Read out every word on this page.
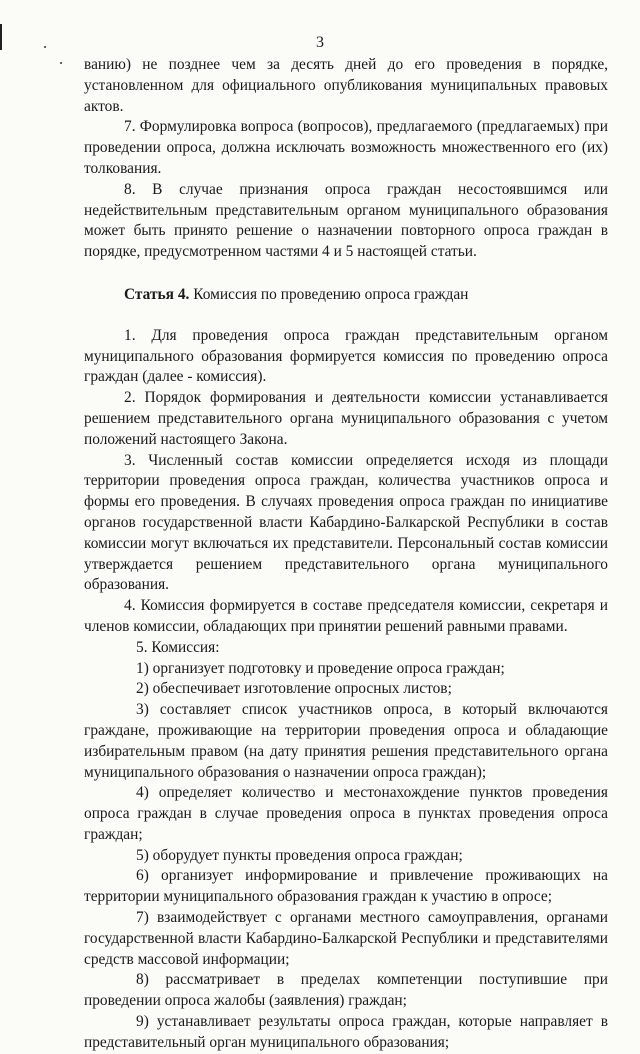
3

ванию) не позднее чем за десять дней до его проведения в порядке, установленном для официального опубликования муниципальных правовых актов.

7. Формулировка вопроса (вопросов), предлагаемого (предлагаемых) при проведении опроса, должна исключать возможность множественного его (их) толкования.

8. В случае признания опроса граждан несостоявшимся или недействительным представительным органом муниципального образования может быть принято решение о назначении повторного опроса граждан в порядке, предусмотренном частями 4 и 5 настоящей статьи.

Статья 4. Комиссия по проведению опроса граждан

1. Для проведения опроса граждан представительным органом муниципального образования формируется комиссия по проведению опроса граждан (далее - комиссия).

2. Порядок формирования и деятельности комиссии устанавливается решением представительного органа муниципального образования с учетом положений настоящего Закона.

3. Численный состав комиссии определяется исходя из площади территории проведения опроса граждан, количества участников опроса и формы его проведения. В случаях проведения опроса граждан по инициативе органов государственной власти Кабардино-Балкарской Республики в состав комиссии могут включаться их представители. Персональный состав комиссии утверждается решением представительного органа муниципального образования.

4. Комиссия формируется в составе председателя комиссии, секретаря и членов комиссии, обладающих при принятии решений равными правами.

5. Комиссия:

1) организует подготовку и проведение опроса граждан;

2) обеспечивает изготовление опросных листов;

3) составляет список участников опроса, в который включаются граждане, проживающие на территории проведения опроса и обладающие избирательным правом (на дату принятия решения представительного органа муниципального образования о назначении опроса граждан);

4) определяет количество и местонахождение пунктов проведения опроса граждан в случае проведения опроса в пунктах проведения опроса граждан;

5) оборудует пункты проведения опроса граждан;

6) организует информирование и привлечение проживающих на территории муниципального образования граждан к участию в опросе;

7) взаимодействует с органами местного самоуправления, органами государственной власти Кабардино-Балкарской Республики и представителями средств массовой информации;

8) рассматривает в пределах компетенции поступившие при проведении опроса жалобы (заявления) граждан;

9) устанавливает результаты опроса граждан, которые направляет в представительный орган муниципального образования;
